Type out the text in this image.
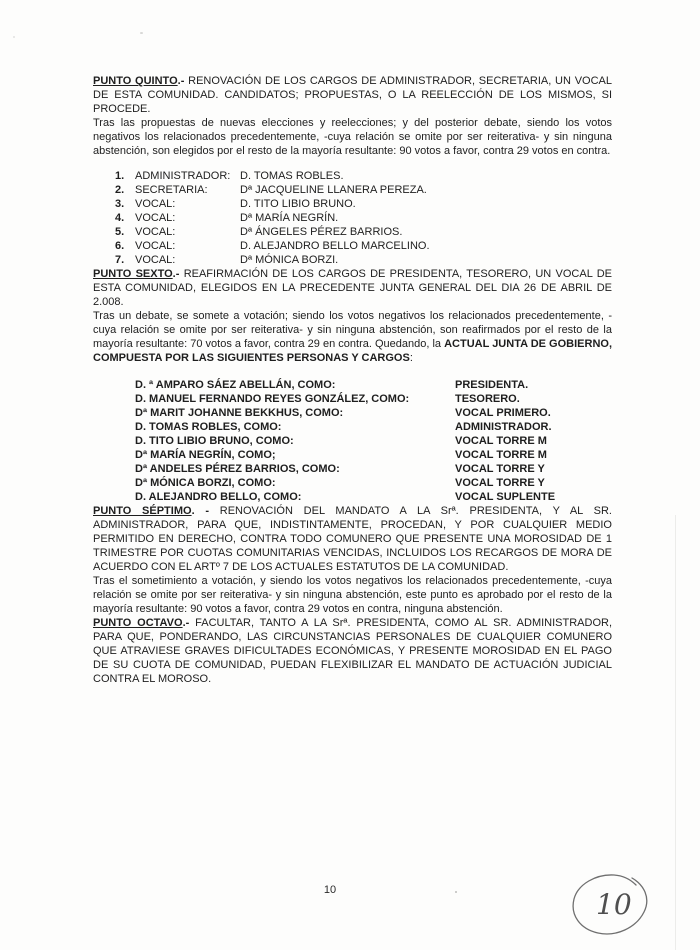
PUNTO QUINTO.- RENOVACIÓN DE LOS CARGOS DE ADMINISTRADOR, SECRETARIA, UN VOCAL DE ESTA COMUNIDAD. CANDIDATOS; PROPUESTAS, O LA REELECCIÓN DE LOS MISMOS, SI PROCEDE.

Tras las propuestas de nuevas elecciones y reelecciones; y del posterior debate, siendo los votos negativos los relacionados precedentemente, -cuya relación se omite por ser reiterativa- y sin ninguna abstención, son elegidos por el resto de la mayoría resultante: 90 votos a favor, contra 29 votos en contra.

1. ADMINISTRADOR: D. TOMAS ROBLES.
2. SECRETARIA:	Dª JACQUELINE LLANERA PEREZA.
3. VOCAL:	D. TITO LIBIO BRUNO.
4. VOCAL:	Dª MARÍA NEGRÍN.
5. VOCAL:	Dª ÁNGELES PÉREZ BARRIOS.
6. VOCAL:	D. ALEJANDRO BELLO MARCELINO.
7. VOCAL:	Dª MÓNICA BORZI.

PUNTO SEXTO.- REAFIRMACIÓN DE LOS CARGOS DE PRESIDENTA, TESORERO, UN VOCAL DE ESTA COMUNIDAD, ELEGIDOS EN LA PRECEDENTE JUNTA GENERAL DEL DIA 26 DE ABRIL DE 2.008.

Tras un debate, se somete a votación; siendo los votos negativos los relacionados precedentemente, -cuya relación se omite por ser reiterativa- y sin ninguna abstención, son reafirmados por el resto de la mayoría resultante: 70 votos a favor, contra 29 en contra. Quedando, la ACTUAL JUNTA DE GOBIERNO, COMPUESTA POR LAS SIGUIENTES PERSONAS Y CARGOS:

D. ª AMPARO SÁEZ ABELLÁN, COMO:	PRESIDENTA.
D. MANUEL FERNANDO REYES GONZÁLEZ, COMO:	TESORERO.
Dª MARIT JOHANNE BEKKHUS, COMO:	VOCAL PRIMERO.
D. TOMAS ROBLES, COMO:	ADMINISTRADOR.
D. TITO LIBIO BRUNO, COMO:	VOCAL TORRE M
Dª MARÍA NEGRÍN, COMO;	VOCAL TORRE M
Dª ANDELES PÉREZ BARRIOS, COMO:	VOCAL TORRE Y
Dª MÓNICA BORZI, COMO:	VOCAL TORRE Y
D. ALEJANDRO BELLO, COMO:	VOCAL SUPLENTE

PUNTO SÉPTIMO. - RENOVACIÓN DEL MANDATO A LA Srª. PRESIDENTA, Y AL SR. ADMINISTRADOR, PARA QUE, INDISTINTAMENTE, PROCEDAN, Y POR CUALQUIER MEDIO PERMITIDO EN DERECHO, CONTRA TODO COMUNERO QUE PRESENTE UNA MOROSIDAD DE 1 TRIMESTRE POR CUOTAS COMUNITARIAS VENCIDAS, INCLUIDOS LOS RECARGOS DE MORA DE ACUERDO CON EL ARTº 7 DE LOS ACTUALES ESTATUTOS DE LA COMUNIDAD.

Tras el sometimiento a votación, y siendo los votos negativos los relacionados precedentemente, -cuya relación se omite por ser reiterativa- y sin ninguna abstención, este punto es aprobado por el resto de la mayoría resultante: 90 votos a favor, contra 29 votos en contra, ninguna abstención.

PUNTO OCTAVO.- FACULTAR, TANTO A LA Srª. PRESIDENTA, COMO AL SR. ADMINISTRADOR, PARA QUE, PONDERANDO, LAS CIRCUNSTANCIAS PERSONALES DE CUALQUIER COMUNERO QUE ATRAVIESE GRAVES DIFICULTADES ECONÓMICAS, Y PRESENTE MOROSIDAD EN EL PAGO DE SU CUOTA DE COMUNIDAD, PUEDAN FLEXIBILIZAR EL MANDATO DE ACTUACIÓN JUDICIAL CONTRA EL MOROSO.

10	10
